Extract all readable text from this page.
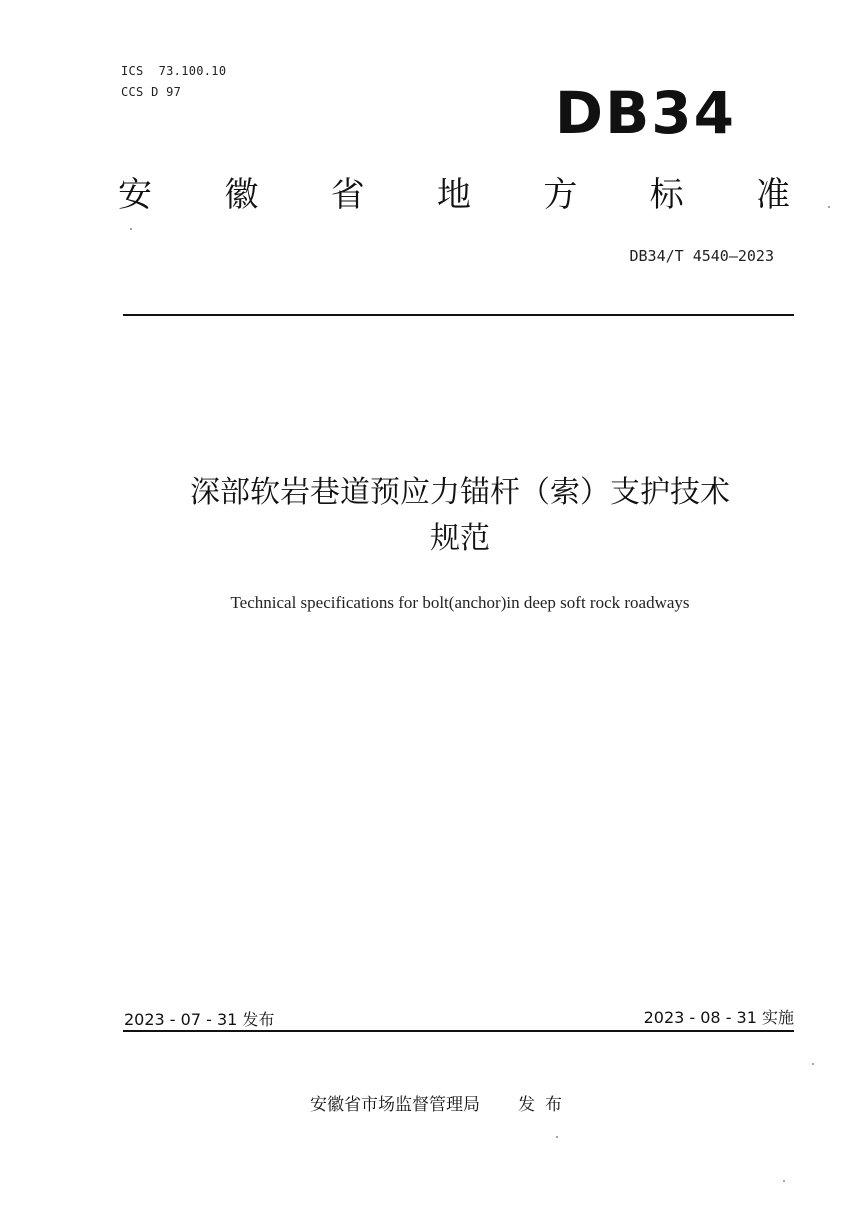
ICS  73.100.10
CCS D 97	DB34
安 徽 省 地 方 标 准
DB34/T 4540—2023
深部软岩巷道预应力锚杆（索）支护技术
规范
Technical specifications for bolt(anchor)in deep soft rock roadways
2023 - 07 - 31 发布	2023 - 08 - 31 实施
安徽省市场监督管理局 发布
